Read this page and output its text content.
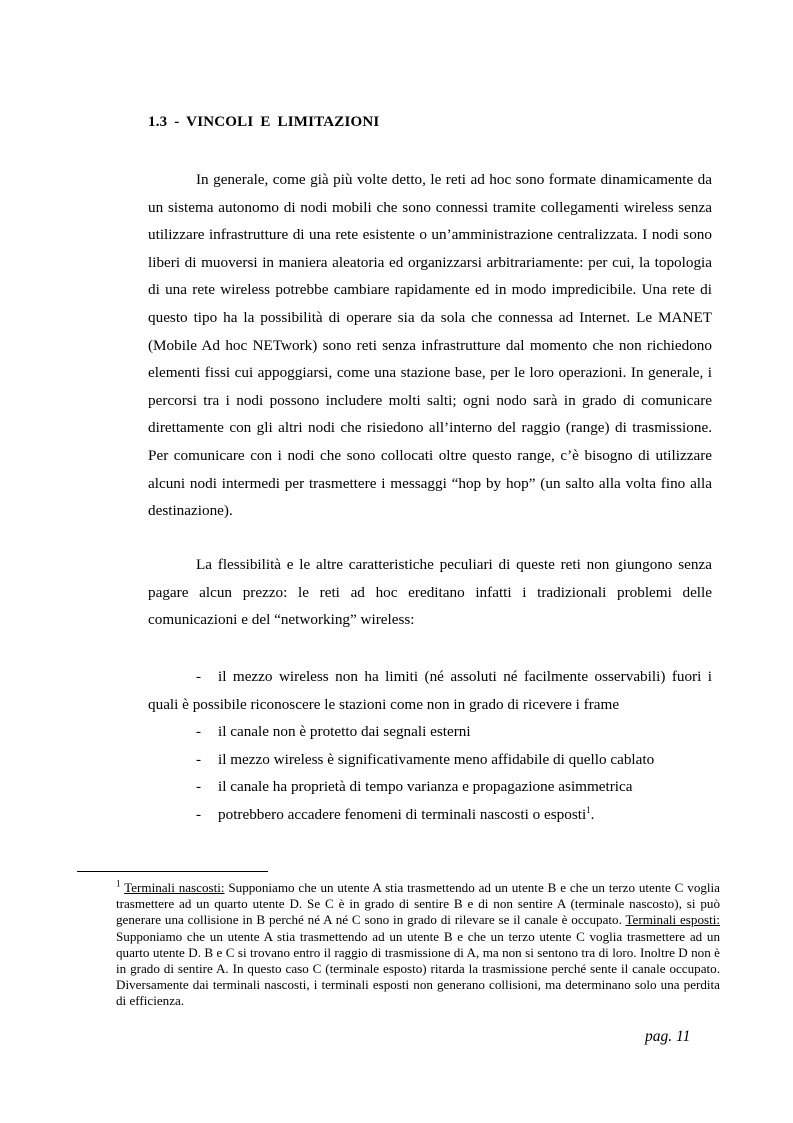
1.3 - VINCOLI E LIMITAZIONI

In generale, come già più volte detto, le reti ad hoc sono formate dinamicamente da un sistema autonomo di nodi mobili che sono connessi tramite collegamenti wireless senza utilizzare infrastrutture di una rete esistente o un’amministrazione centralizzata. I nodi sono liberi di muoversi in maniera aleatoria ed organizzarsi arbitrariamente: per cui, la topologia di una rete wireless potrebbe cambiare rapidamente ed in modo impredicibile. Una rete di questo tipo ha la possibilità di operare sia da sola che connessa ad Internet. Le MANET (Mobile Ad hoc NETwork) sono reti senza infrastrutture dal momento che non richiedono elementi fissi cui appoggiarsi, come una stazione base, per le loro operazioni. In generale, i percorsi tra i nodi possono includere molti salti; ogni nodo sarà in grado di comunicare direttamente con gli altri nodi che risiedono all’interno del raggio (range) di trasmissione. Per comunicare con i nodi che sono collocati oltre questo range, c’è bisogno di utilizzare alcuni nodi intermedi per trasmettere i messaggi “hop by hop” (un salto alla volta fino alla destinazione).

La flessibilità e le altre caratteristiche peculiari di queste reti non giungono senza pagare alcun prezzo: le reti ad hoc ereditano infatti i tradizionali problemi delle comunicazioni e del “networking” wireless:

- il mezzo wireless non ha limiti (né assoluti né facilmente osservabili) fuori i quali è possibile riconoscere le stazioni come non in grado di ricevere i frame
- il canale non è protetto dai segnali esterni
- il mezzo wireless è significativamente meno affidabile di quello cablato
- il canale ha proprietà di tempo varianza e propagazione asimmetrica
- potrebbero accadere fenomeni di terminali nascosti o esposti$^1$.

$^1$ Terminali nascosti: Supponiamo che un utente A stia trasmettendo ad un utente B e che un terzo utente C voglia trasmettere ad un quarto utente D. Se C è in grado di sentire B e di non sentire A (terminale nascosto), si può generare una collisione in B perché né A né C sono in grado di rilevare se il canale è occupato. Terminali esposti: Supponiamo che un utente A stia trasmettendo ad un utente B e che un terzo utente C voglia trasmettere ad un quarto utente D. B e C si trovano entro il raggio di trasmissione di A, ma non si sentono tra di loro. Inoltre D non è in grado di sentire A. In questo caso C (terminale esposto) ritarda la trasmissione perché sente il canale occupato. Diversamente dai terminali nascosti, i terminali esposti non generano collisioni, ma determinano solo una perdita di efficienza.

pag. 11
